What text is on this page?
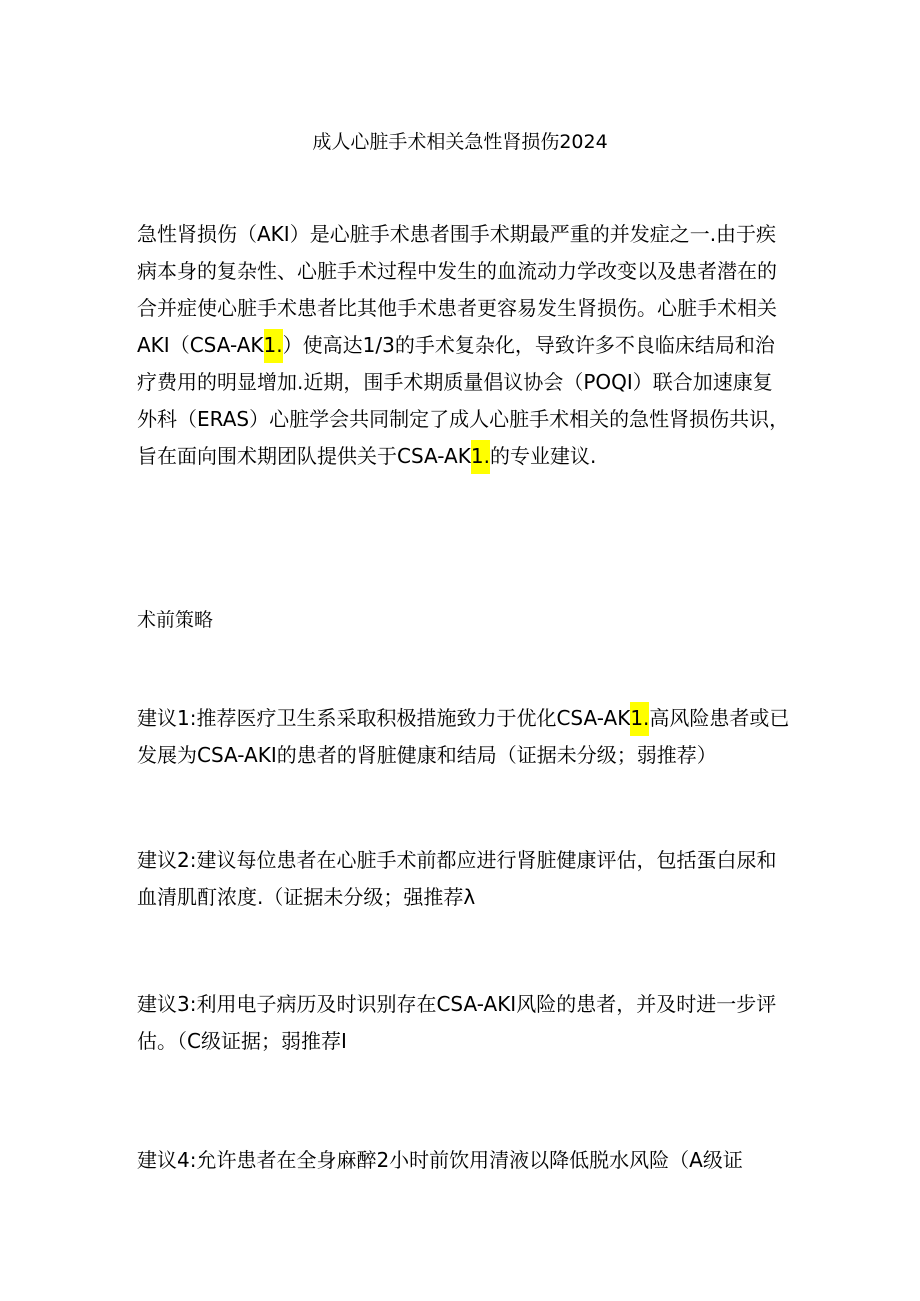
成人心脏手术相关急性肾损伤2024
急性肾损伤（AKI）是心脏手术患者围手术期最严重的并发症之一.由于疾
病本身的复杂性、心脏手术过程中发生的血流动力学改变以及患者潜在的
合并症使心脏手术患者比其他手术患者更容易发生肾损伤。心脏手术相关
AKI（CSA-AK1.）使高达1/3的手术复杂化，导致许多不良临床结局和治
疗费用的明显增加.近期，围手术期质量倡议协会（POQI）联合加速康复
外科（ERAS）心脏学会共同制定了成人心脏手术相关的急性肾损伤共识，
旨在面向围术期团队提供关于CSA-AK1.的专业建议.
术前策略
建议1:推荐医疗卫生系采取积极措施致力于优化CSA-AK1.高风险患者或已
发展为CSA-AKI的患者的肾脏健康和结局（证据未分级；弱推荐）
建议2:建议每位患者在心脏手术前都应进行肾脏健康评估，包括蛋白尿和
血清肌酊浓度.（证据未分级；强推荐λ
建议3:利用电子病历及时识别存在CSA-AKI风险的患者，并及时进一步评
估。（C级证据；弱推荐I
建议4:允许患者在全身麻醉2小时前饮用清液以降低脱水风险（A级证
